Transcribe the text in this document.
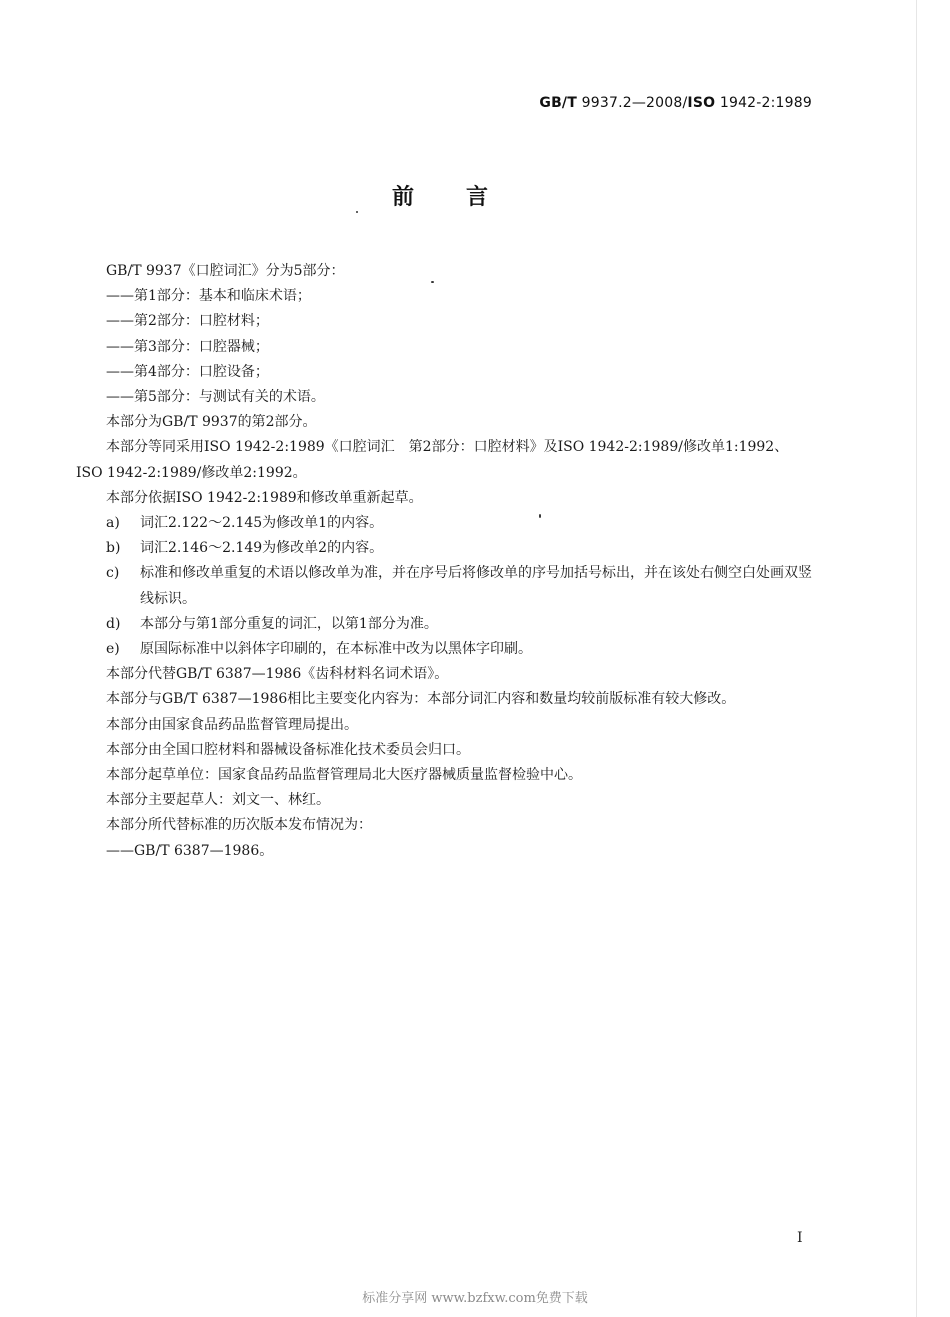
GB/T 9937.2—2008/ISO 1942-2:1989
前言

GB/T 9937《口腔词汇》分为5部分：

——第1部分：基本和临床术语；

——第2部分：口腔材料；

——第3部分：口腔器械；

——第4部分：口腔设备；

——第5部分：与测试有关的术语。

本部分为GB/T 9937的第2部分。

本部分等同采用ISO 1942-2:1989《口腔词汇　第2部分：口腔材料》及ISO 1942-2:1989/修改单1:1992、ISO 1942-2:1989/修改单2:1992。

本部分依据ISO 1942-2:1989和修改单重新起草。

a)	词汇2.122～2.145为修改单1的内容。
b)	词汇2.146～2.149为修改单2的内容。
c)	标准和修改单重复的术语以修改单为准，并在序号后将修改单的序号加括号标出，并在该处右侧空白处画双竖线标识。
d)	本部分与第1部分重复的词汇，以第1部分为准。
e)	原国际标准中以斜体字印刷的，在本标准中改为以黑体字印刷。

本部分代替GB/T 6387—1986《齿科材料名词术语》。

本部分与GB/T 6387—1986相比主要变化内容为：本部分词汇内容和数量均较前版标准有较大修改。

本部分由国家食品药品监督管理局提出。

本部分由全国口腔材料和器械设备标准化技术委员会归口。

本部分起草单位：国家食品药品监督管理局北大医疗器械质量监督检验中心。

本部分主要起草人：刘文一、林红。

本部分所代替标准的历次版本发布情况为：

——GB/T 6387—1986。

I
标准分享网 www.bzfxw.com免费下载
